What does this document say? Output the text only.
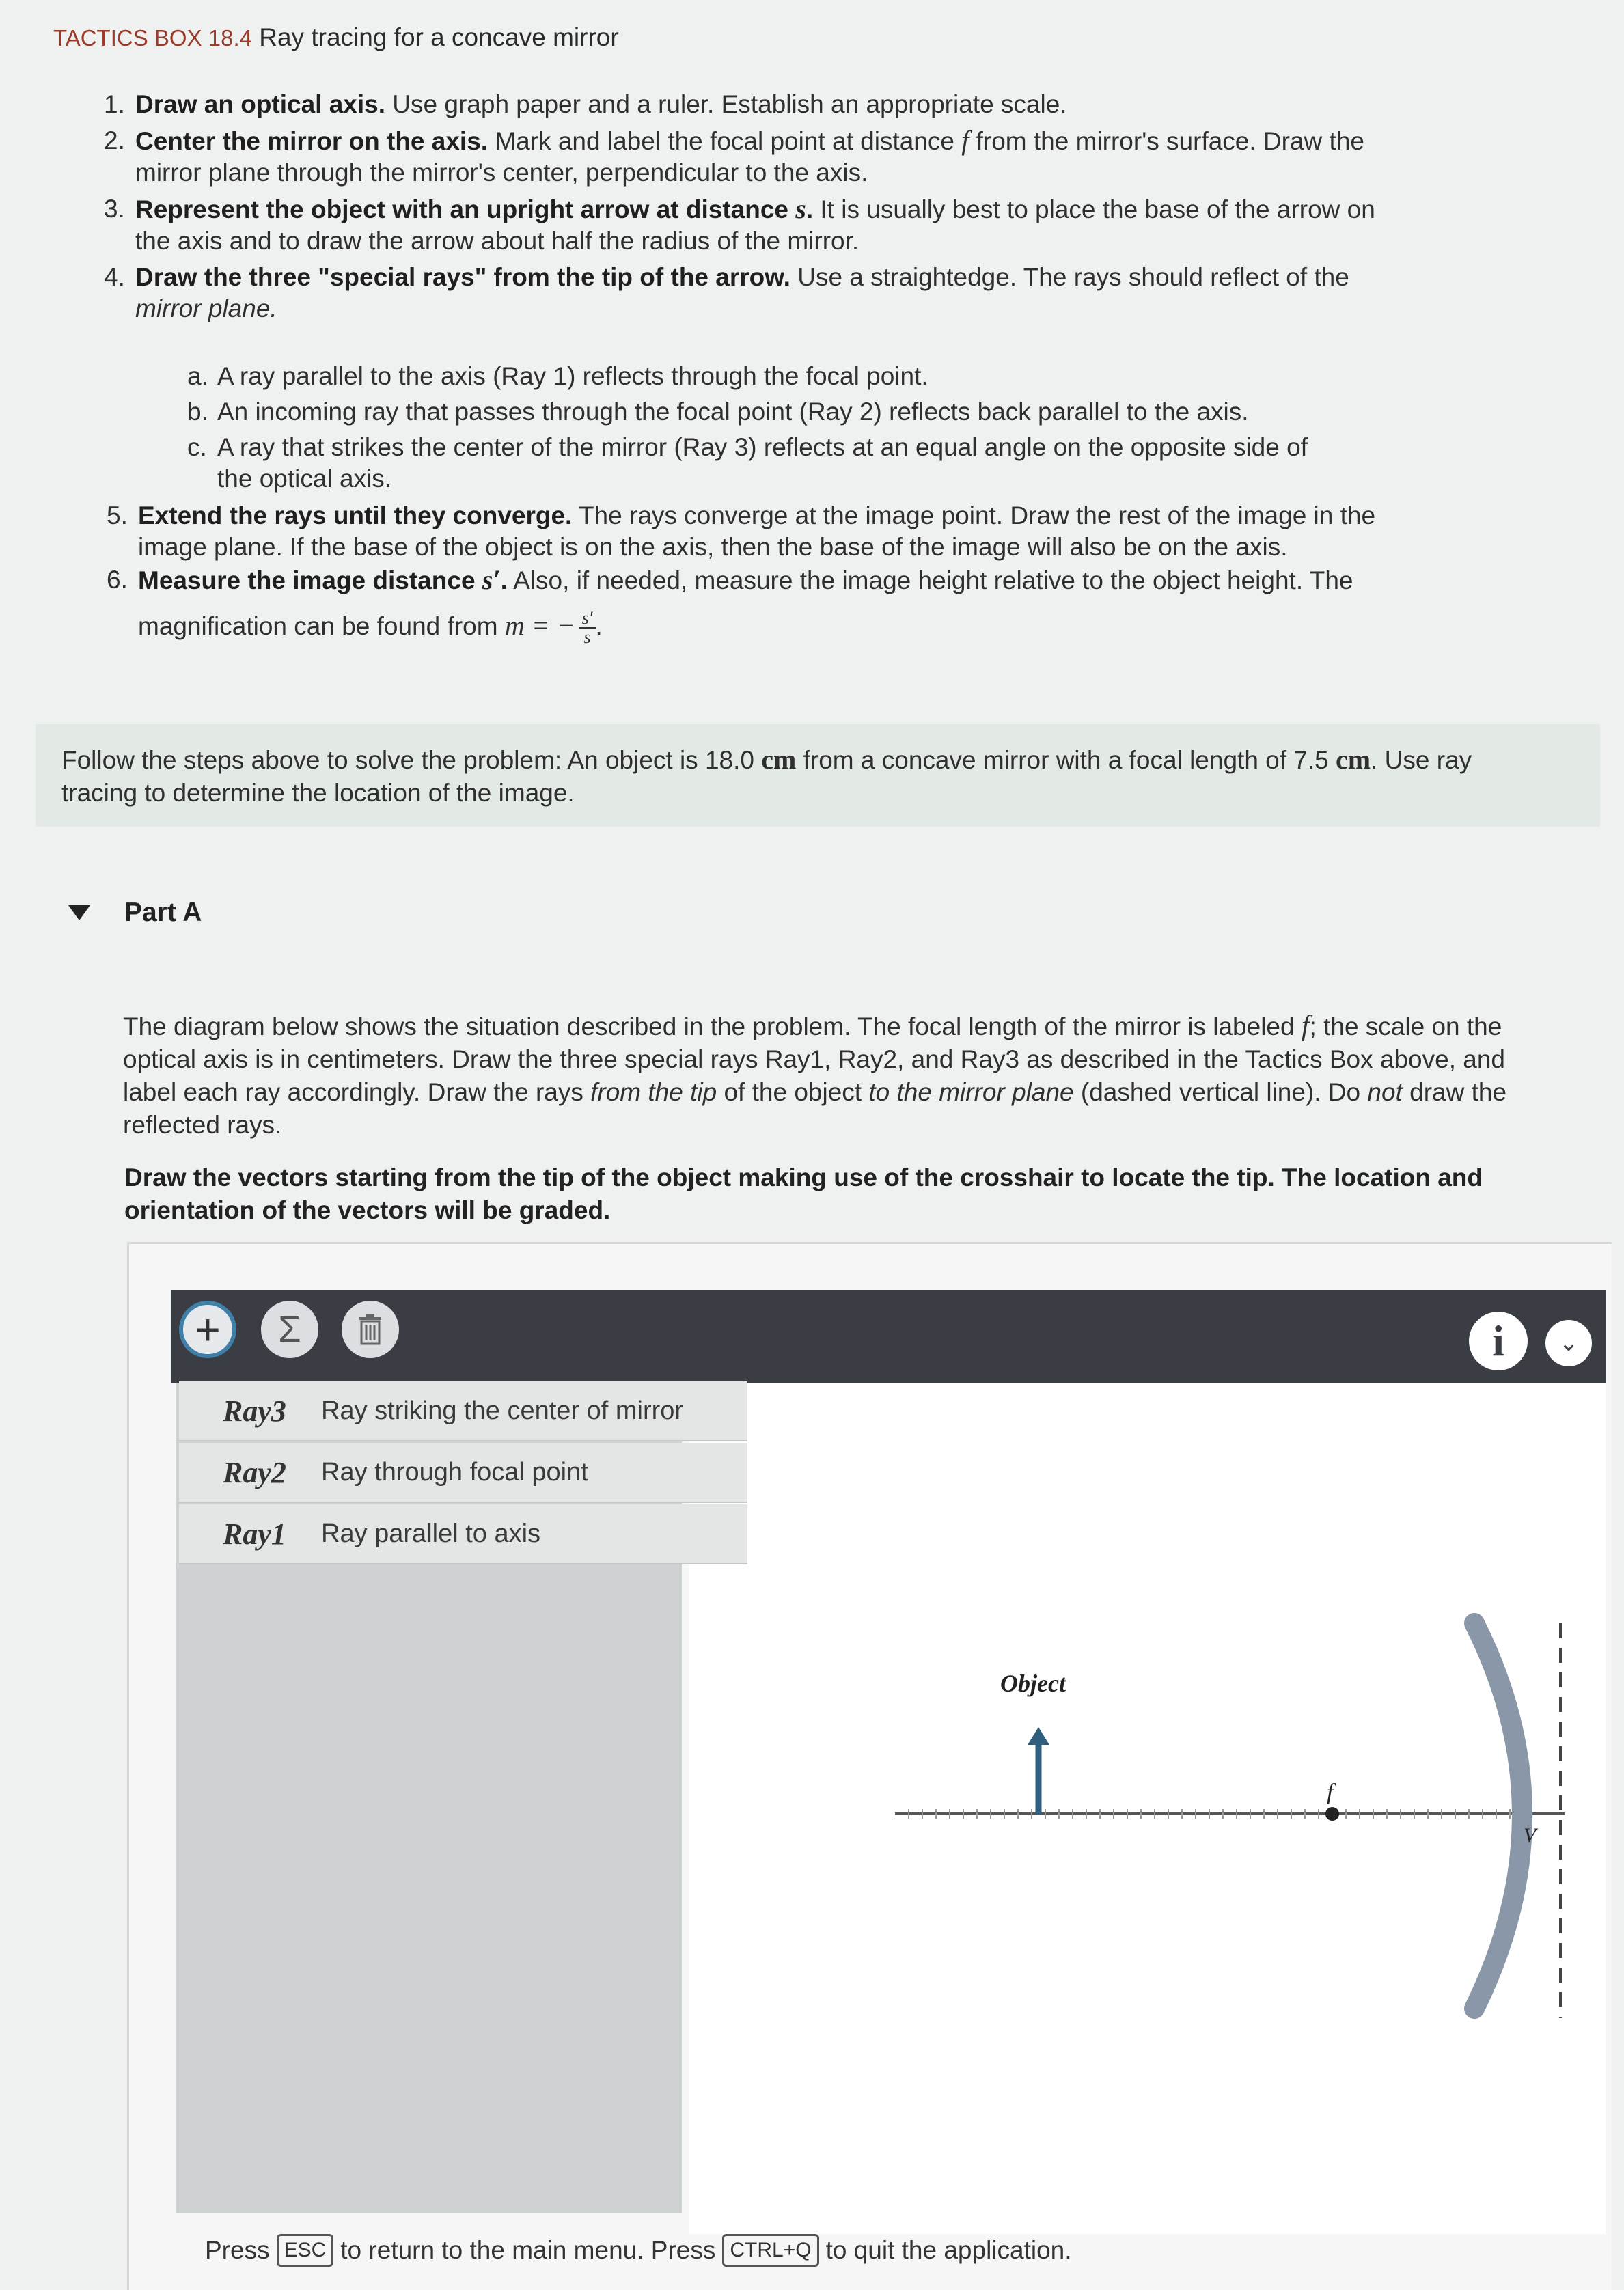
TACTICS BOX 18.4 Ray tracing for a concave mirror
1. Draw an optical axis. Use graph paper and a ruler. Establish an appropriate scale.
2. Center the mirror on the axis. Mark and label the focal point at distance f from the mirror's surface. Draw the
mirror plane through the mirror's center, perpendicular to the axis.
3. Represent the object with an upright arrow at distance s. It is usually best to place the base of the arrow on
the axis and to draw the arrow about half the radius of the mirror.
4. Draw the three "special rays" from the tip of the arrow. Use a straightedge. The rays should reflect of the
mirror plane.
a. A ray parallel to the axis (Ray 1) reflects through the focal point.
b. An incoming ray that passes through the focal point (Ray 2) reflects back parallel to the axis.
c. A ray that strikes the center of the mirror (Ray 3) reflects at an equal angle on the opposite side of
the optical axis.
5. Extend the rays until they converge. The rays converge at the image point. Draw the rest of the image in the
image plane. If the base of the object is on the axis, then the base of the image will also be on the axis.
6. Measure the image distance s′. Also, if needed, measure the image height relative to the object height. The
magnification can be found from m = − $\frac{s'}{s}$ .
Follow the steps above to solve the problem: An object is 18.0 cm from a concave mirror with a focal length of 7.5 cm. Use ray
tracing to determine the location of the image.
Part A
The diagram below shows the situation described in the problem. The focal length of the mirror is labeled f; the scale on the
optical axis is in centimeters. Draw the three special rays Ray1, Ray2, and Ray3 as described in the Tactics Box above, and
label each ray accordingly. Draw the rays from the tip of the object to the mirror plane (dashed vertical line). Do not draw the
reflected rays.
Draw the vectors starting from the tip of the object making use of the crosshair to locate the tip. The location and
orientation of the vectors will be graded.
+ Σ	i ⌄
Ray3	Ray striking the center of mirror
Ray2	Ray through focal point
Ray1	Ray parallel to axis
Object
f
V
Press ESC to return to the main menu. Press CTRL+Q to quit the application.
